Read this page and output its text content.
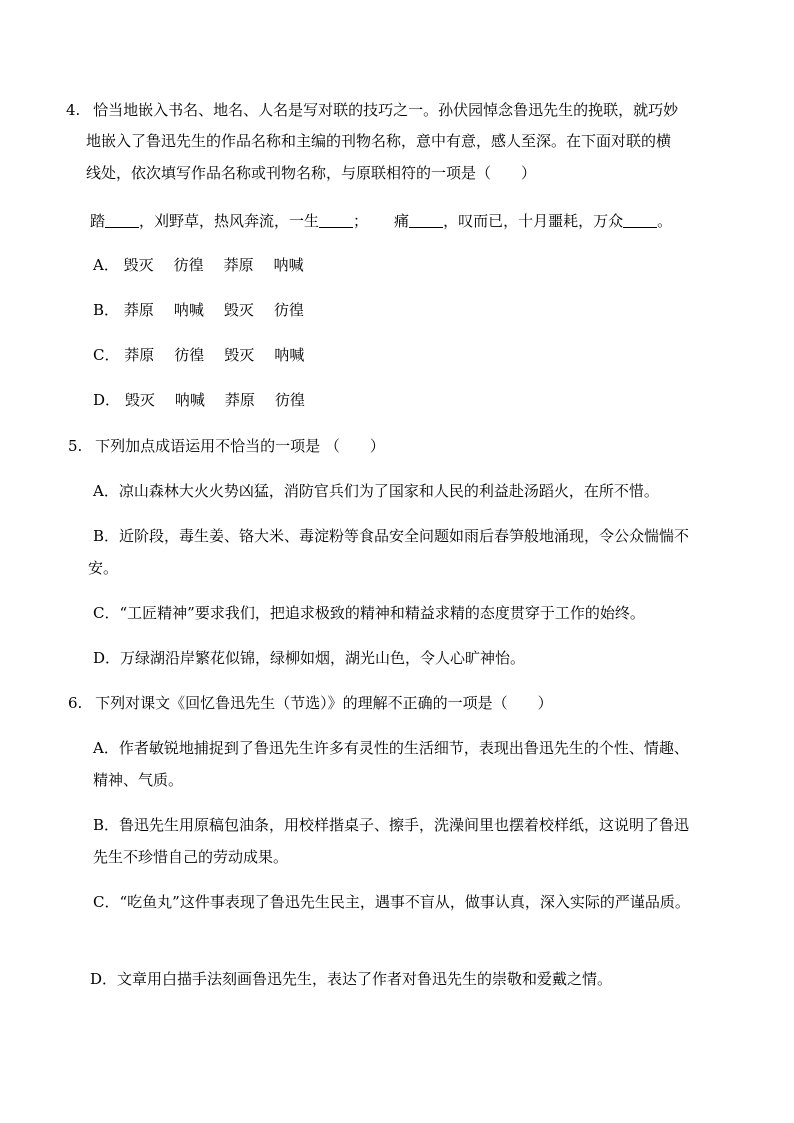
4. 恰当地嵌入书名、地名、人名是写对联的技巧之一。孙伏园悼念鲁迅先生的挽联，就巧妙
地嵌入了鲁迅先生的作品名称和主编的刊物名称，意中有意，感人至深。在下面对联的横
线处，依次填写作品名称或刊物名称，与原联相符的一项是（　　）
踏 ，刈野草，热风奔流，一生 ； 痛 ，叹而已，十月噩耗，万众 。
A． 毁灭 彷徨 莽原 呐喊
B． 莽原 呐喊 毁灭 彷徨
C． 莽原 彷徨 毁灭 呐喊
D． 毁灭 呐喊 莽原 彷徨
5. 下列加点成语运用不恰当的一项是 （　　）
A．凉山森林大火火势凶猛，消防官兵们为了国家和人民的利益赴汤蹈火，在所不惜。
B．近阶段，毒生姜、铬大米、毒淀粉等食品安全问题如雨后春笋般地涌现，令公众惴惴不
安。
C．“工匠精神”要求我们，把追求极致的精神和精益求精的态度贯穿于工作的始终。
D．万绿湖沿岸繁花似锦，绿柳如烟，湖光山色，令人心旷神怡。
6. 下列对课文《回忆鲁迅先生（节选）》的理解不正确的一项是（　　）
A．作者敏锐地捕捉到了鲁迅先生许多有灵性的生活细节，表现出鲁迅先生的个性、情趣、
精神、气质。
B．鲁迅先生用原稿包油条，用校样揩桌子、擦手，洗澡间里也摆着校样纸，这说明了鲁迅
先生不珍惜自己的劳动成果。
C．“吃鱼丸”这件事表现了鲁迅先生民主，遇事不盲从，做事认真，深入实际的严谨品质。
D．文章用白描手法刻画鲁迅先生，表达了作者对鲁迅先生的崇敬和爱戴之情。
